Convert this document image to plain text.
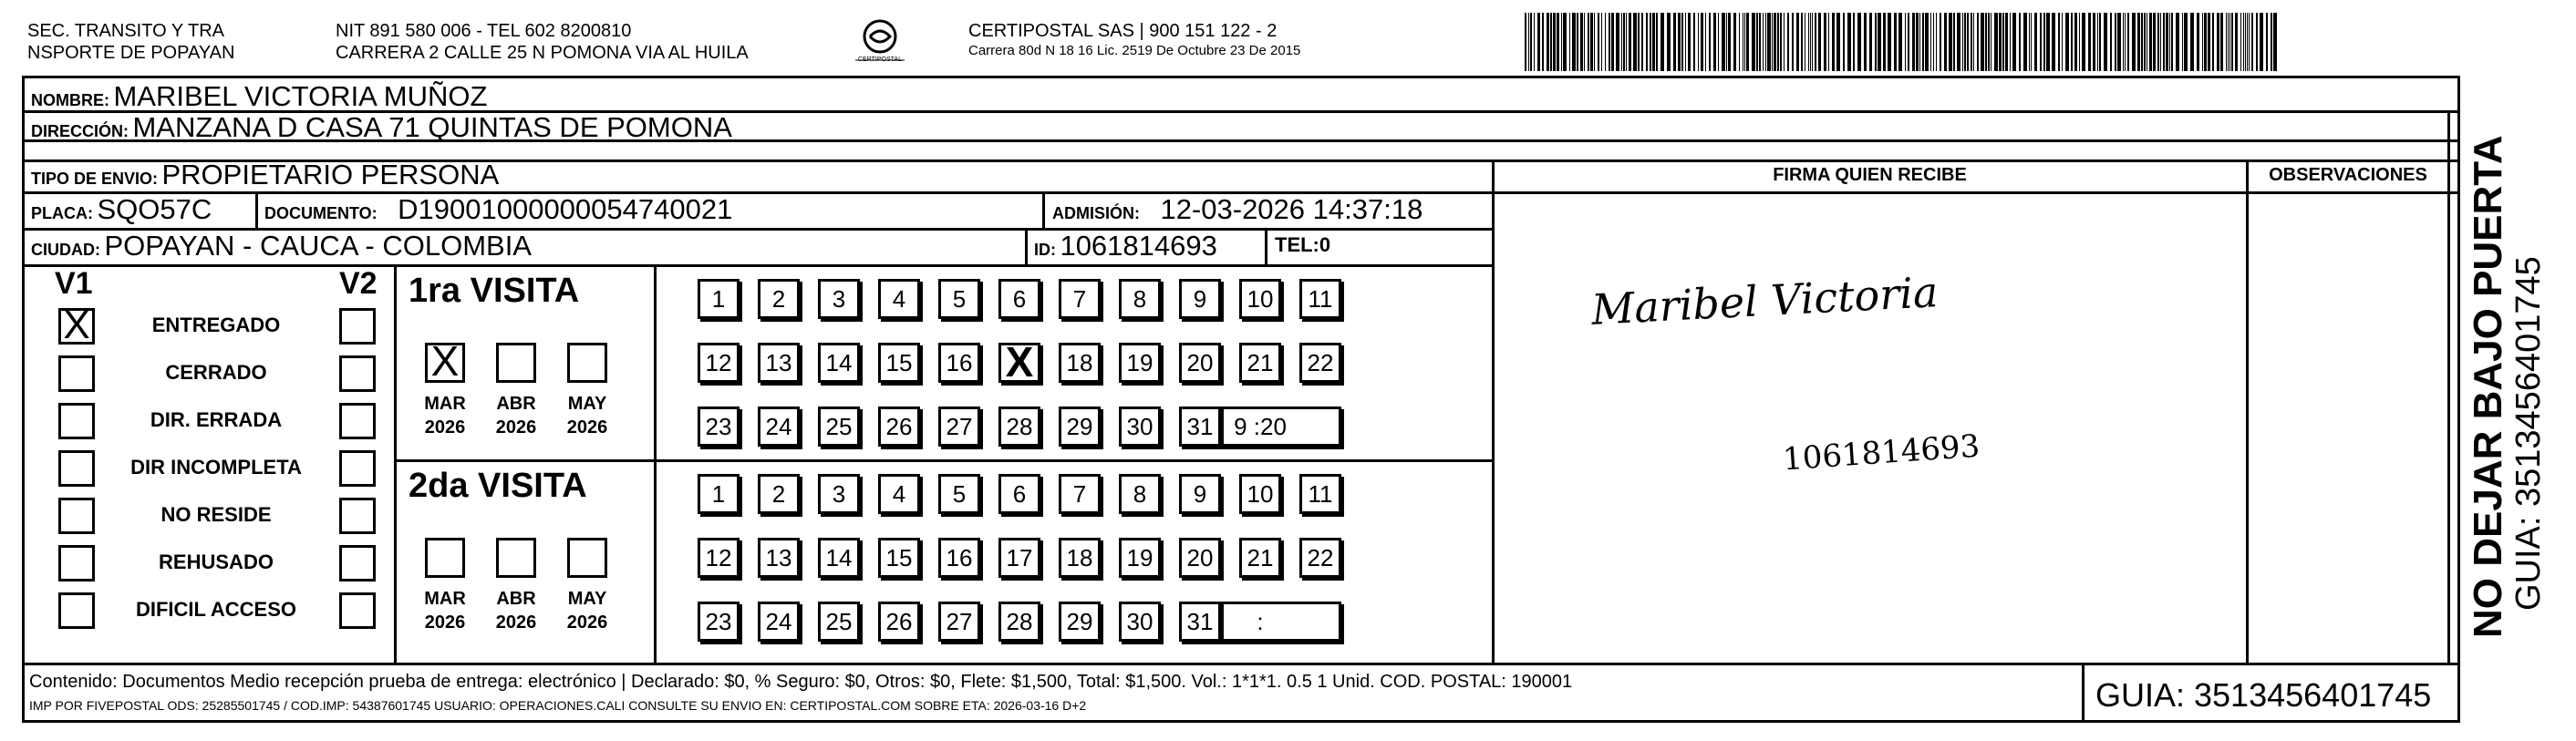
SEC. TRANSITO Y TRA
NSPORTE DE POPAYAN
NIT 891 580 006 - TEL 602 8200810
CARRERA 2 CALLE 25 N POMONA VIA AL HUILA	CERTIPOSTAL
CERTIPOSTAL SAS | 900 151 122 - 2
Carrera 80d N 18 16 Lic. 2519 De Octubre 23 De 2015
NOMBRE: MARIBEL VICTORIA MUÑOZ
DIRECCIÓN: MANZANA D CASA 71 QUINTAS DE POMONA
TIPO DE ENVIO: PROPIETARIO PERSONA	FIRMA QUIEN RECIBE	OBSERVACIONES
PLACA: SQO57C	DOCUMENTO: D19001000000054740021	ADMISIÓN: 12-03-2026 14:37:18
CIUDAD: POPAYAN - CAUCA - COLOMBIA	ID: 1061814693	TEL:0
V1	V2
X	ENTREGADO
CERRADO
DIR. ERRADA
DIR INCOMPLETA
NO RESIDE
REHUSADO
DIFICIL ACCESO
1ra VISITA
X
MAR
2026
ABR
2026
MAY
2026
1	2	3	4	5	6	7	8	9	10	11
12	13	14	15	16 X	18	19	20	21	22
23	24	25	26	27	28	29	30	31 9 :20
2da VISITA
MAR
2026
ABR
2026
MAY
2026
1	2	3	4	5	6	7	8	9	10	11
12	13	14	15	16	17	18	19	20	21	22
23	24	25	26	27	28	29	30	31	:
Maribel Victoria
1061814693
Contenido: Documentos Medio recepción prueba de entrega: electrónico | Declarado: $0, % Seguro: $0, Otros: $0, Flete: $1,500, Total: $1,500. Vol.: 1*1*1. 0.5 1 Unid. COD. POSTAL: 190001
IMP POR FIVEPOSTAL ODS: 25285501745 / COD.IMP: 54387601745 USUARIO: OPERACIONES.CALI CONSULTE SU ENVIO EN: CERTIPOSTAL.COM SOBRE ETA: 2026-03-16 D+2	GUIA: 3513456401745
NO DEJAR BAJO PUERTA GUIA: 3513456401745
